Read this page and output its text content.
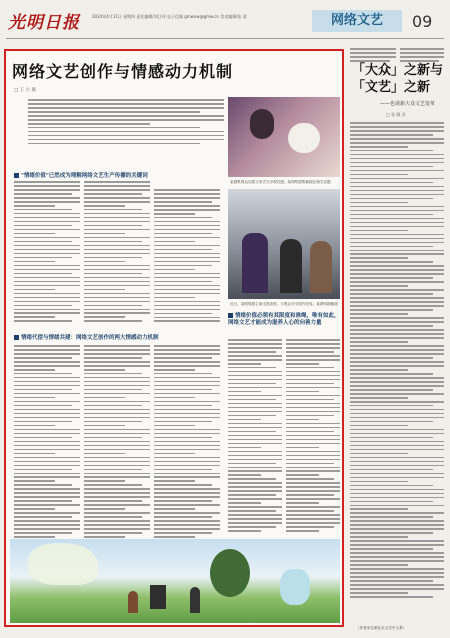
光明日报	2024年4月11日 星期四 责任编辑/刘江伟 电子信箱 gmwxw@gmw.cn 美术编辑/张 晨	网络文艺	09
网络文艺创作与情感动力机制
□ 王 小 康
某剧集观众以图文形式分享观后感。某网络剧集截图及相关话题
"情绪价值"已然成为理解网络文艺生产传播的关键词
近日，某网络剧主演走进高校，与观众分享创作经验。某网络剧截图
情绪价值必须有其限度和准绳，唯有如此，网络文艺才能成为滋养人心的向善力量
情绪代偿与情绪共建：网络文艺创作的两大情感动力机制
「大众」之新与「文艺」之新
——也谈新大众文艺变革
□ 张 颐 武
（作者单位系北京大学中文系）
